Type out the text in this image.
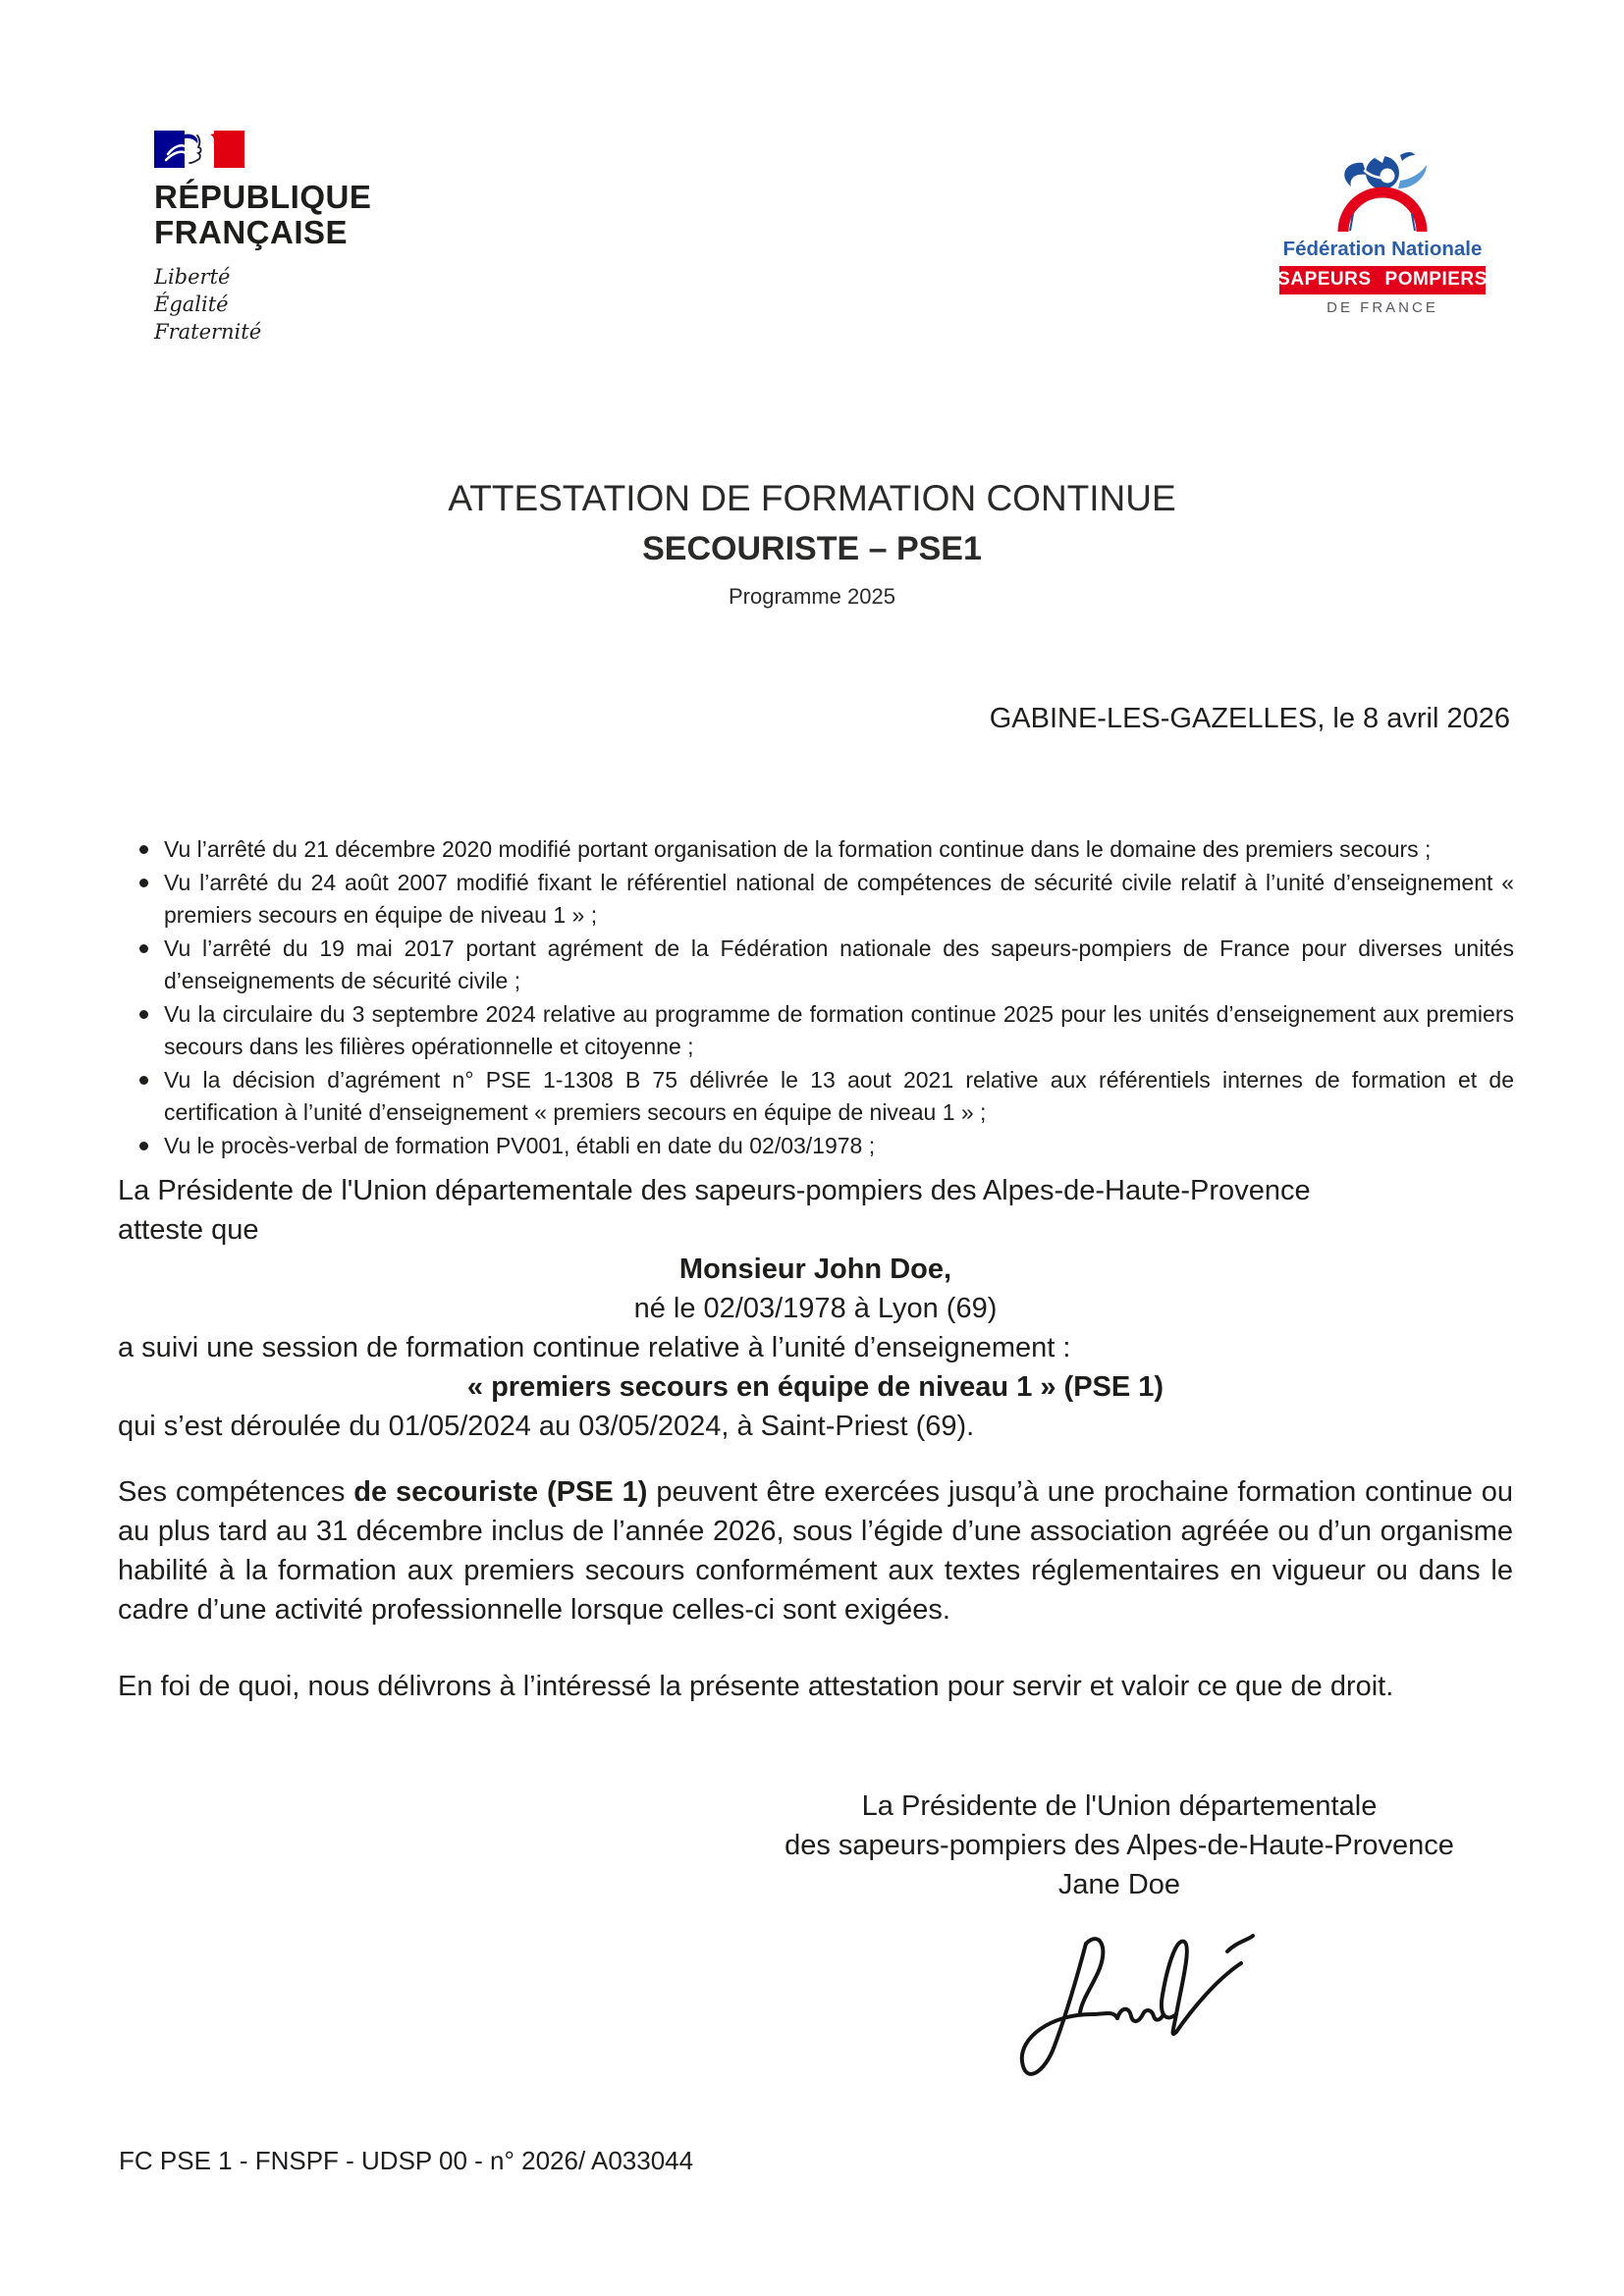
RÉPUBLIQUE
FRANÇAISE
Liberté
Égalité
Fraternité
Fédération Nationale
SAPEURS POMPIERS
DE FRANCE
ATTESTATION DE FORMATION CONTINUE
SECOURISTE – PSE1
Programme 2025
GABINE-LES-GAZELLES, le 8 avril 2026
Vu l’arrêté du 21 décembre 2020 modifié portant organisation de la formation continue dans le domaine des premiers secours ;
Vu l’arrêté du 24 août 2007 modifié fixant le référentiel national de compétences de sécurité civile relatif à l’unité d’enseignement « premiers secours en équipe de niveau 1 » ;
Vu l’arrêté du 19 mai 2017 portant agrément de la Fédération nationale des sapeurs-pompiers de France pour diverses unités d’enseignements de sécurité civile ;
Vu la circulaire du 3 septembre 2024 relative au programme de formation continue 2025 pour les unités d’enseignement aux premiers secours dans les filières opérationnelle et citoyenne ;
Vu la décision d’agrément n° PSE 1-1308 B 75 délivrée le 13 aout 2021 relative aux référentiels internes de formation et de certification à l’unité d’enseignement « premiers secours en équipe de niveau 1 » ;
Vu le procès-verbal de formation PV001, établi en date du 02/03/1978 ;

La Présidente de l'Union départementale des sapeurs-pompiers des Alpes-de-Haute-Provence
atteste que

Monsieur John Doe,

né le 02/03/1978 à Lyon (69)

a suivi une session de formation continue relative à l’unité d’enseignement :

« premiers secours en équipe de niveau 1 » (PSE 1)

qui s’est déroulée du 01/05/2024 au 03/05/2024, à Saint-Priest (69).

Ses compétences de secouriste (PSE 1) peuvent être exercées jusqu’à une prochaine formation continue ou au plus tard au 31 décembre inclus de l’année 2026, sous l’égide d’une association agréée ou d’un organisme habilité à la formation aux premiers secours conformément aux textes réglementaires en vigueur ou dans le cadre d’une activité professionnelle lorsque celles-ci sont exigées.

En foi de quoi, nous délivrons à l’intéressé la présente attestation pour servir et valoir ce que de droit.

La Présidente de l'Union départementale
des sapeurs-pompiers des Alpes-de-Haute-Provence
Jane Doe
FC PSE 1 - FNSPF - UDSP 00 - n° 2026/ A033044
